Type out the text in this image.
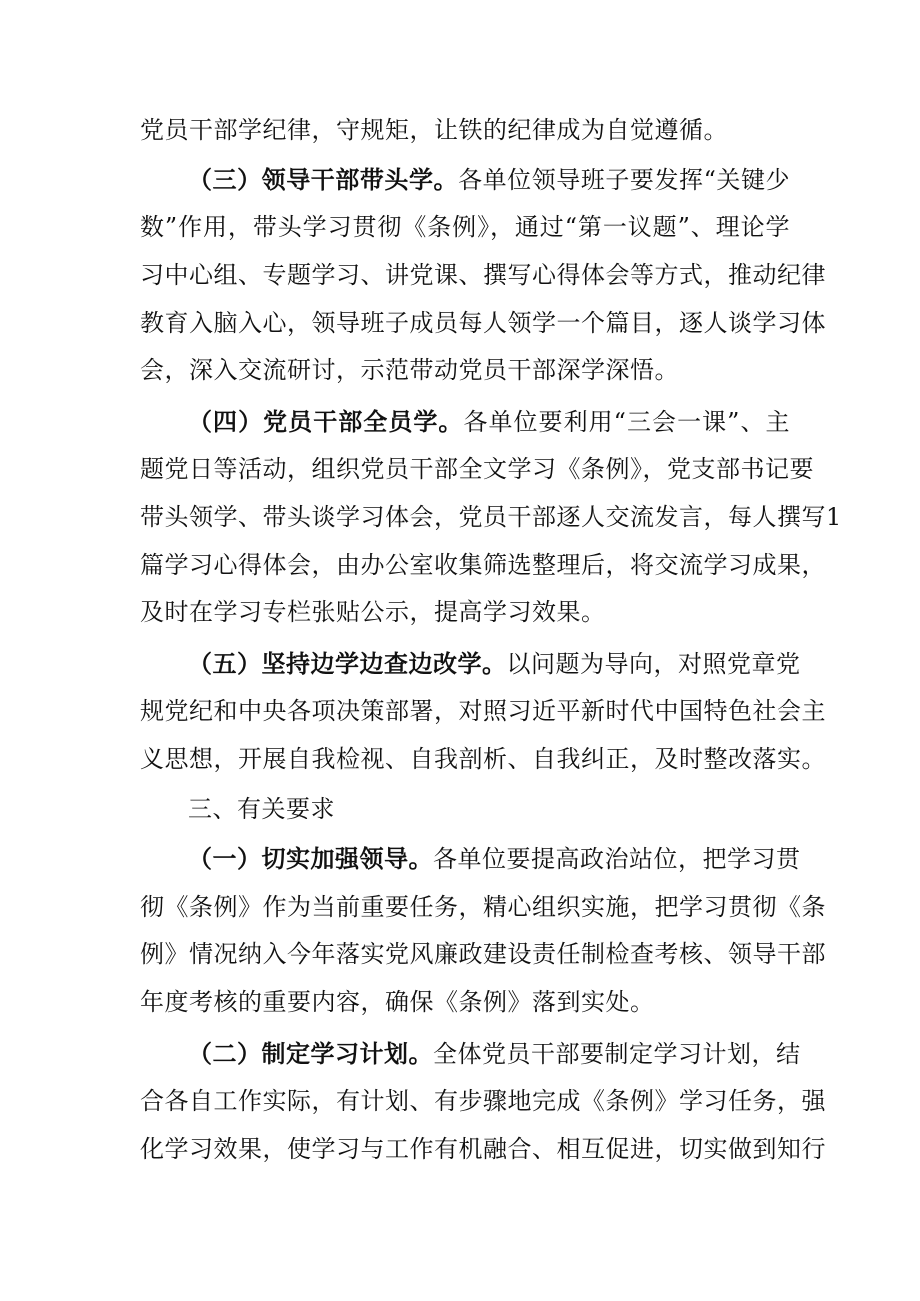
党员干部学纪律，守规矩，让铁的纪律成为自觉遵循。
（三）领导干部带头学。各单位领导班子要发挥“关键少
数”作用，带头学习贯彻《条例》，通过“第一议题”、理论学
习中心组、专题学习、讲党课、撰写心得体会等方式，推动纪律
教育入脑入心，领导班子成员每人领学一个篇目，逐人谈学习体
会，深入交流研讨，示范带动党员干部深学深悟。
（四）党员干部全员学。各单位要利用“三会一课”、主
题党日等活动，组织党员干部全文学习《条例》，党支部书记要
带头领学、带头谈学习体会，党员干部逐人交流发言，每人撰写1
篇学习心得体会，由办公室收集筛选整理后，将交流学习成果，
及时在学习专栏张贴公示，提高学习效果。
（五）坚持边学边查边改学。以问题为导向，对照党章党
规党纪和中央各项决策部署，对照习近平新时代中国特色社会主
义思想，开展自我检视、自我剖析、自我纠正，及时整改落实。
三、有关要求
（一）切实加强领导。各单位要提高政治站位，把学习贯
彻《条例》作为当前重要任务，精心组织实施，把学习贯彻《条
例》情况纳入今年落实党风廉政建设责任制检查考核、领导干部
年度考核的重要内容，确保《条例》落到实处。
（二）制定学习计划。全体党员干部要制定学习计划，结
合各自工作实际，有计划、有步骤地完成《条例》学习任务，强
化学习效果，使学习与工作有机融合、相互促进，切实做到知行
